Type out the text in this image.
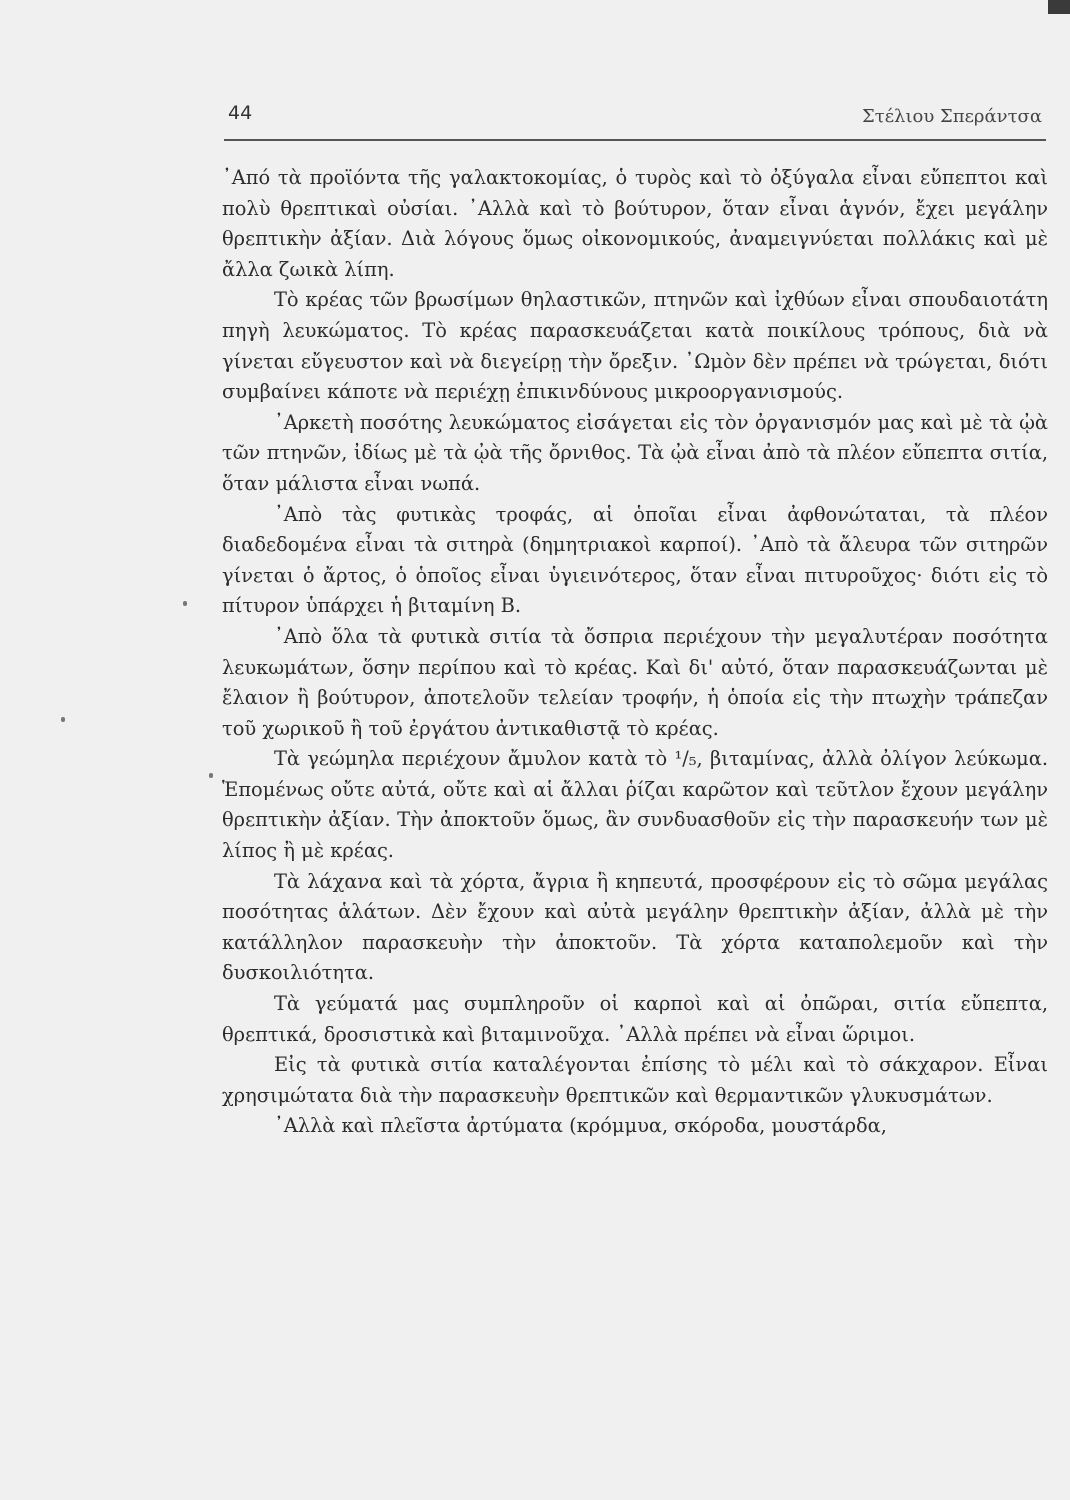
44	Στέλιου Σπεράντσα

᾿Από τὰ προϊόντα τῆς γαλακτοκομίας, ὁ τυρὸς καὶ τὸ ὀξύγαλα εἶναι εὔπεπτοι καὶ πολὺ θρεπτικαὶ οὐσίαι. ᾿Αλλὰ καὶ τὸ βούτυρον, ὅταν εἶναι ἁγνόν, ἔχει μεγάλην θρεπτικὴν ἀξίαν. Διὰ λόγους ὅμως οἰκονομικούς, ἀναμειγνύεται πολλάκις καὶ μὲ ἄλλα ζωικὰ λίπη.

Τὸ κρέας τῶν βρωσίμων θηλαστικῶν, πτηνῶν καὶ ἰχθύων εἶναι σπουδαιοτάτη πηγὴ λευκώματος. Τὸ κρέας παρασκευάζεται κατὰ ποικίλους τρόπους, διὰ νὰ γίνεται εὔγευστον καὶ νὰ διεγείρῃ τὴν ὄρεξιν. ᾿Ωμὸν δὲν πρέπει νὰ τρώγεται, διότι συμβαίνει κάποτε νὰ περιέχῃ ἐπικινδύνους μικροοργανισμούς.

᾿Αρκετὴ ποσότης λευκώματος εἰσάγεται εἰς τὸν ὀργανισμόν μας καὶ μὲ τὰ ᾠὰ τῶν πτηνῶν, ἰδίως μὲ τὰ ᾠὰ τῆς ὄρνιθος. Τὰ ᾠὰ εἶναι ἀπὸ τὰ πλέον εὔπεπτα σιτία, ὅταν μάλιστα εἶναι νωπά.

᾿Απὸ τὰς φυτικὰς τροφάς, αἱ ὁποῖαι εἶναι ἀφθονώταται, τὰ πλέον διαδεδομένα εἶναι τὰ σιτηρὰ (δημητριακοὶ καρποί). ᾿Απὸ τὰ ἄλευρα τῶν σιτηρῶν γίνεται ὁ ἄρτος, ὁ ὁποῖος εἶναι ὑγιεινότερος, ὅταν εἶναι πιτυροῦχος· διότι εἰς τὸ πίτυρον ὑπάρχει ἡ βιταμίνη Β.

᾿Απὸ ὅλα τὰ φυτικὰ σιτία τὰ ὄσπρια περιέχουν τὴν μεγαλυτέραν ποσότητα λευκωμάτων, ὅσην περίπου καὶ τὸ κρέας. Καὶ δι' αὐτό, ὅταν παρασκευάζωνται μὲ ἔλαιον ἢ βούτυρον, ἀποτελοῦν τελείαν τροφήν, ἡ ὁποία εἰς τὴν πτωχὴν τράπεζαν τοῦ χωρικοῦ ἢ τοῦ ἐργάτου ἀντικαθιστᾷ τὸ κρέας.

Τὰ γεώμηλα περιέχουν ἄμυλον κατὰ τὸ ¹/₅, βιταμίνας, ἀλλὰ ὀλίγον λεύκωμα. Ἑπομένως οὔτε αὐτά, οὔτε καὶ αἱ ἄλλαι ῥίζαι καρῶτον καὶ τεῦτλον ἔχουν μεγάλην θρεπτικὴν ἀξίαν. Τὴν ἀποκτοῦν ὅμως, ἂν συνδυασθοῦν εἰς τὴν παρασκευήν των μὲ λίπος ἢ μὲ κρέας.

Τὰ λάχανα καὶ τὰ χόρτα, ἄγρια ἢ κηπευτά, προσφέρουν εἰς τὸ σῶμα μεγάλας ποσότητας ἁλάτων. Δὲν ἔχουν καὶ αὐτὰ μεγάλην θρεπτικὴν ἀξίαν, ἀλλὰ μὲ τὴν κατάλληλον παρασκευὴν τὴν ἀποκτοῦν. Τὰ χόρτα καταπολεμοῦν καὶ τὴν δυσκοιλιότητα.

Τὰ γεύματά μας συμπληροῦν οἱ καρποὶ καὶ αἱ ὀπῶραι, σιτία εὔπεπτα, θρεπτικά, δροσιστικὰ καὶ βιταμινοῦχα. ᾿Αλλὰ πρέπει νὰ εἶναι ὥριμοι.

Εἰς τὰ φυτικὰ σιτία καταλέγονται ἐπίσης τὸ μέλι καὶ τὸ σάκχαρον. Εἶναι χρησιμώτατα διὰ τὴν παρασκευὴν θρεπτικῶν καὶ θερμαντικῶν γλυκυσμάτων.

᾿Αλλὰ καὶ πλεῖστα ἀρτύματα (κρόμμυα, σκόροδα, μουστάρδα,
